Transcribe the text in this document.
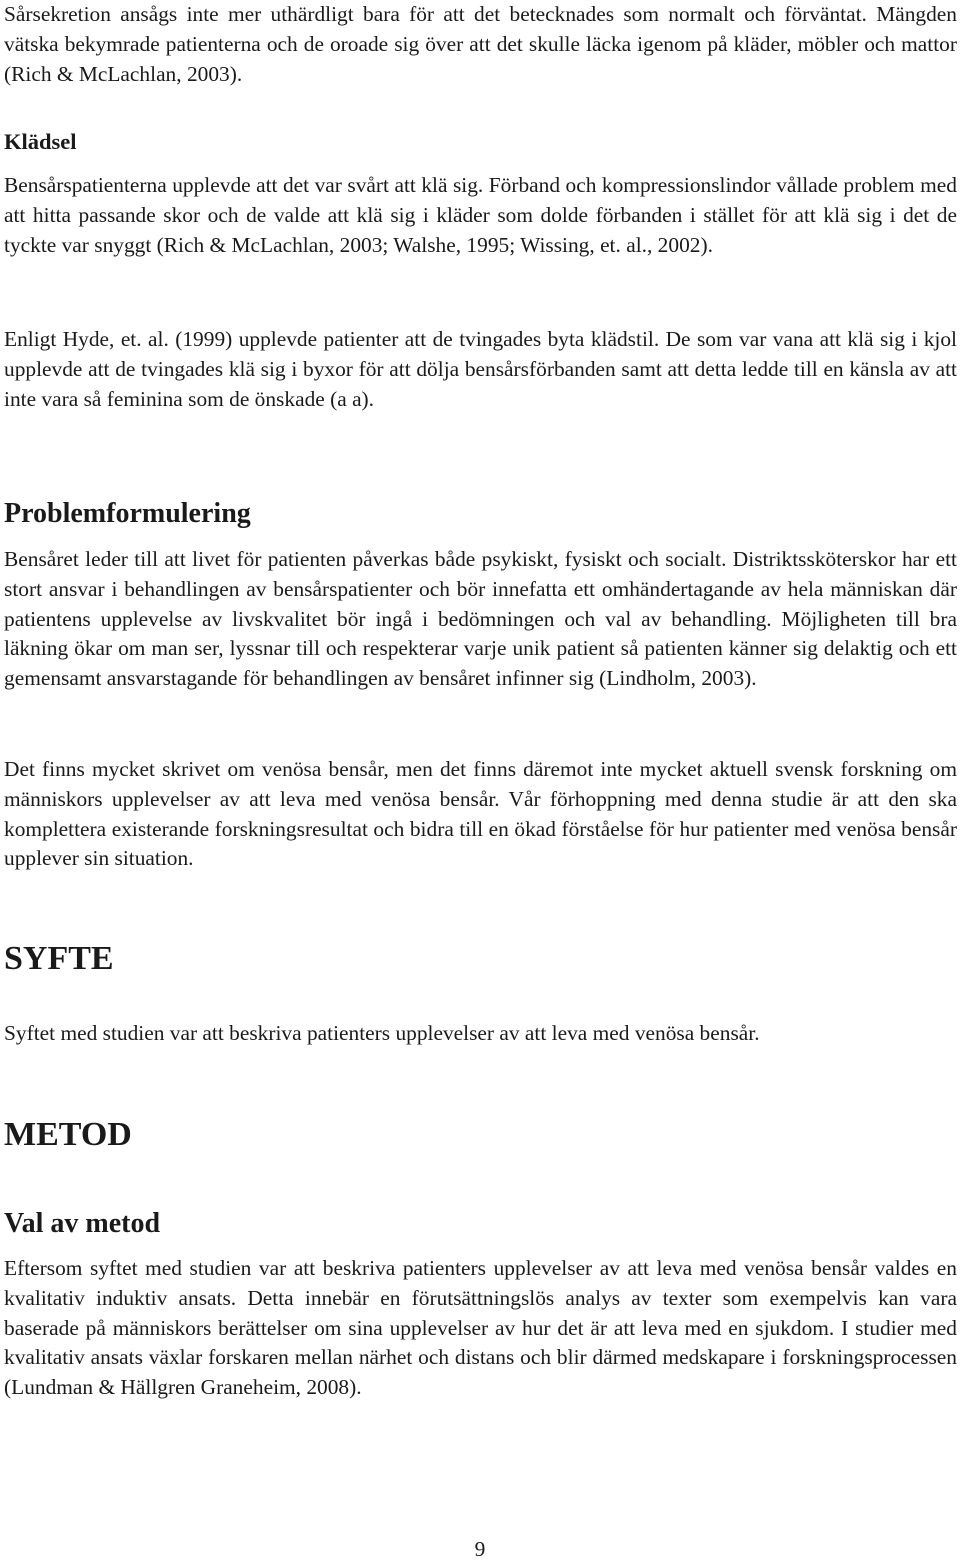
Sårsekretion ansågs inte mer uthärdligt bara för att det betecknades som normalt och förväntat. Mängden vätska bekymrade patienterna och de oroade sig över att det skulle läcka igenom på kläder, möbler och mattor (Rich & McLachlan, 2003).

Klädsel

Bensårspatienterna upplevde att det var svårt att klä sig. Förband och kompressionslindor vållade problem med att hitta passande skor och de valde att klä sig i kläder som dolde förbanden i stället för att klä sig i det de tyckte var snyggt (Rich & McLachlan, 2003; Walshe, 1995; Wissing, et. al., 2002).

Enligt Hyde, et. al. (1999) upplevde patienter att de tvingades byta klädstil. De som var vana att klä sig i kjol upplevde att de tvingades klä sig i byxor för att dölja bensårsförbanden samt att detta ledde till en känsla av att inte vara så feminina som de önskade (a a).

Problemformulering

Bensåret leder till att livet för patienten påverkas både psykiskt, fysiskt och socialt. Distriktssköterskor har ett stort ansvar i behandlingen av bensårspatienter och bör innefatta ett omhändertagande av hela människan där patientens upplevelse av livskvalitet bör ingå i bedömningen och val av behandling. Möjligheten till bra läkning ökar om man ser, lyssnar till och respekterar varje unik patient så patienten känner sig delaktig och ett gemensamt ansvarstagande för behandlingen av bensåret infinner sig (Lindholm, 2003).

Det finns mycket skrivet om venösa bensår, men det finns däremot inte mycket aktuell svensk forskning om människors upplevelser av att leva med venösa bensår. Vår förhoppning med denna studie är att den ska komplettera existerande forskningsresultat och bidra till en ökad förståelse för hur patienter med venösa bensår upplever sin situation.

SYFTE

Syftet med studien var att beskriva patienters upplevelser av att leva med venösa bensår.

METOD
Val av metod

Eftersom syftet med studien var att beskriva patienters upplevelser av att leva med venösa bensår valdes en kvalitativ induktiv ansats. Detta innebär en förutsättningslös analys av texter som exempelvis kan vara baserade på människors berättelser om sina upplevelser av hur det är att leva med en sjukdom. I studier med kvalitativ ansats växlar forskaren mellan närhet och distans och blir därmed medskapare i forskningsprocessen (Lundman & Hällgren Graneheim, 2008).

9
